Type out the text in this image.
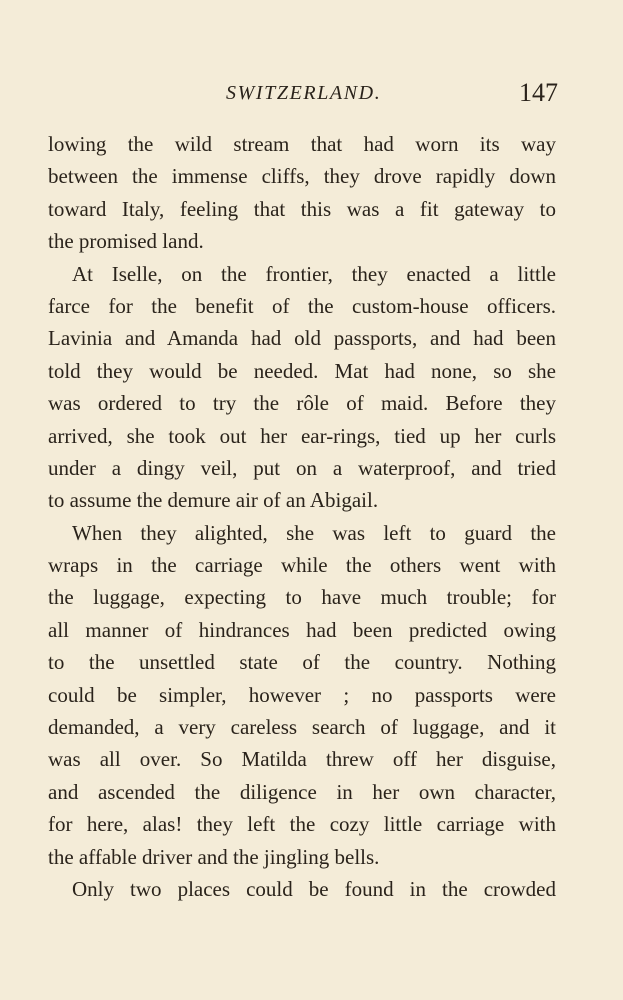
SWITZERLAND.	147
lowing the wild stream that had worn its way
between the immense cliffs, they drove rapidly down
toward Italy, feeling that this was a fit gateway to
the promised land.
At Iselle, on the frontier, they enacted a little
farce for the benefit of the custom-house officers.
Lavinia and Amanda had old passports, and had been
told they would be needed. Mat had none, so she
was ordered to try the rôle of maid. Before they
arrived, she took out her ear-rings, tied up her curls
under a dingy veil, put on a waterproof, and tried
to assume the demure air of an Abigail.
When they alighted, she was left to guard the
wraps in the carriage while the others went with
the luggage, expecting to have much trouble; for
all manner of hindrances had been predicted owing
to the unsettled state of the country. Nothing
could be simpler, however ; no passports were
demanded, a very careless search of luggage, and it
was all over. So Matilda threw off her disguise,
and ascended the diligence in her own character,
for here, alas! they left the cozy little carriage with
the affable driver and the jingling bells.
Only two places could be found in the crowded
